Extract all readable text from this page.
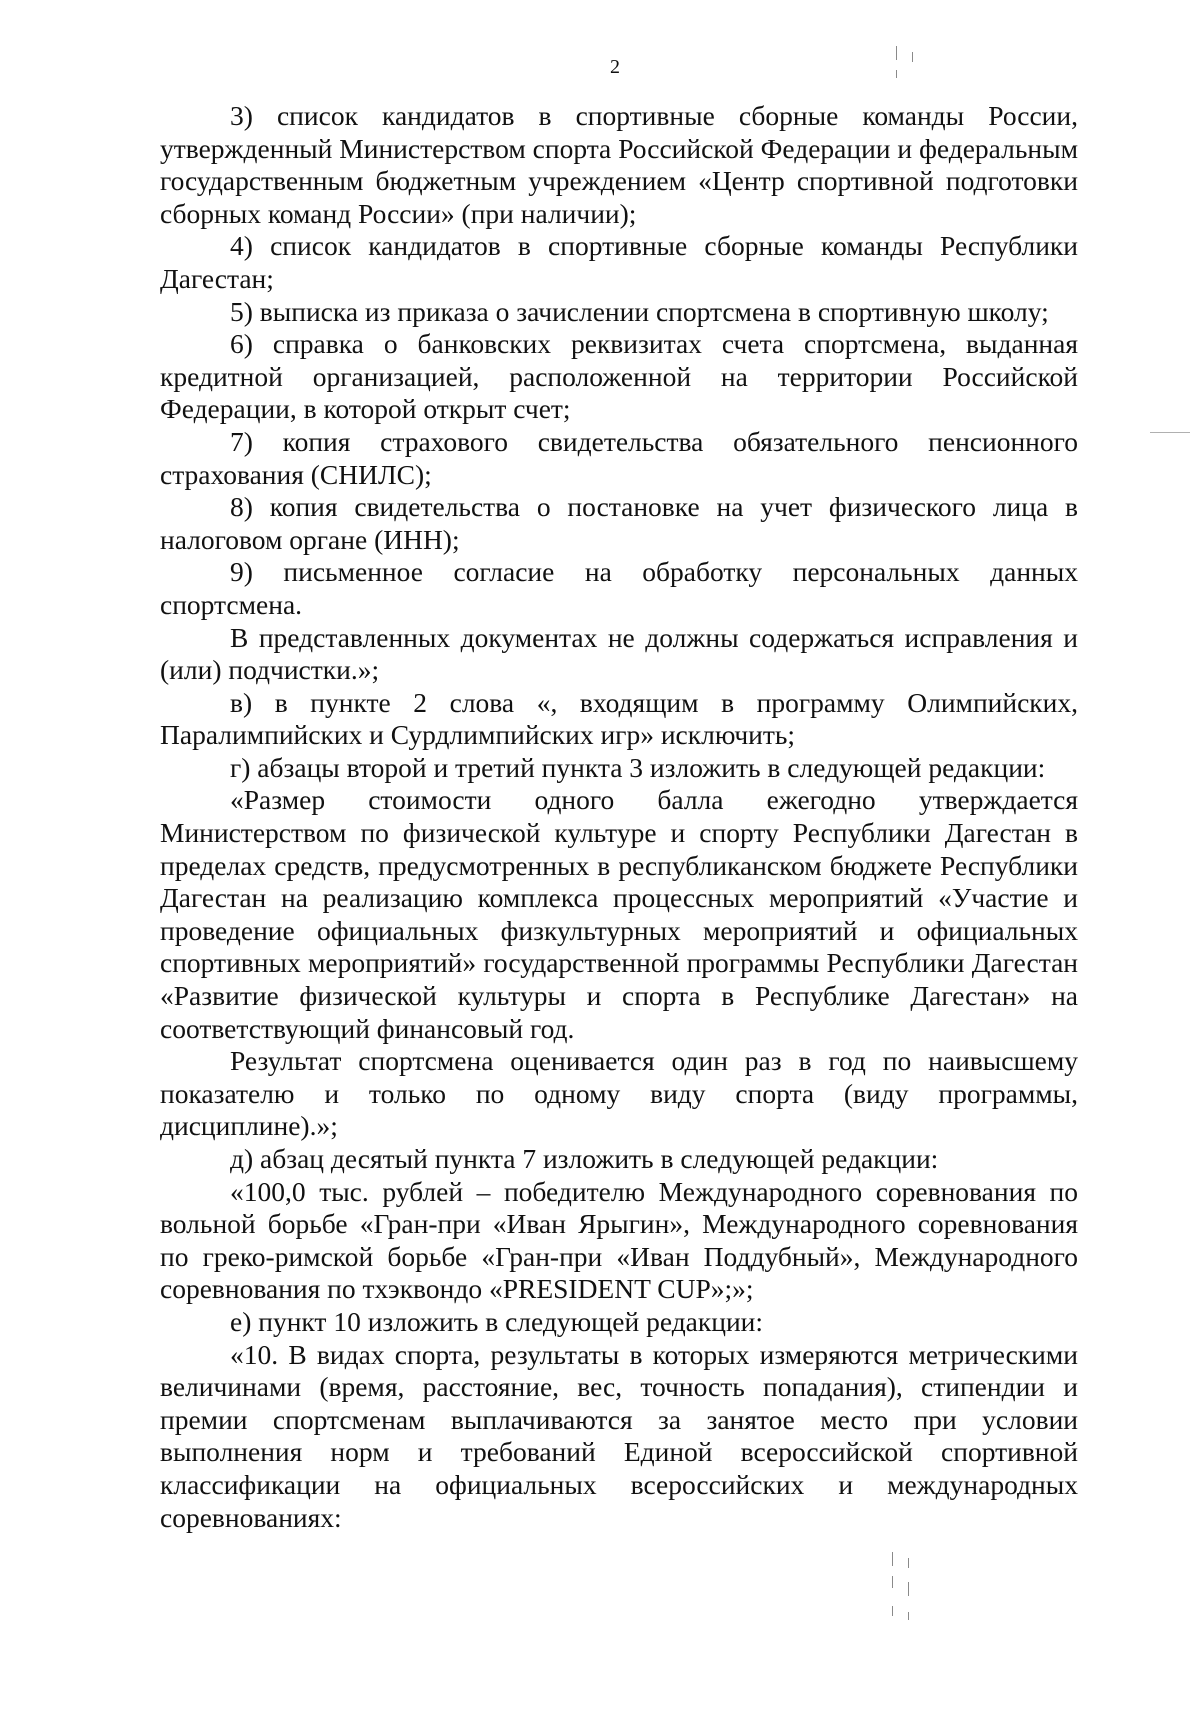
2

3) список кандидатов в спортивные сборные команды России, утвержденный Министерством спорта Российской Федерации и федеральным государственным бюджетным учреждением «Центр спортивной подготовки сборных команд России» (при наличии);

4) список кандидатов в спортивные сборные команды Республики Дагестан;

5) выписка из приказа о зачислении спортсмена в спортивную школу;

6) справка о банковских реквизитах счета спортсмена, выданная кредитной организацией, расположенной на территории Российской Федерации, в которой открыт счет;

7) копия страхового свидетельства обязательного пенсионного страхования (СНИЛС);

8) копия свидетельства о постановке на учет физического лица в налоговом органе (ИНН);

9) письменное согласие на обработку персональных данных спортсмена.

В представленных документах не должны содержаться исправления и (или) подчистки.»;

в) в пункте 2 слова «, входящим в программу Олимпийских, Паралимпийских и Сурдлимпийских игр» исключить;

г) абзацы второй и третий пункта 3 изложить в следующей редакции:

«Размер стоимости одного балла ежегодно утверждается Министерством по физической культуре и спорту Республики Дагестан в пределах средств, предусмотренных в республиканском бюджете Республики Дагестан на реализацию комплекса процессных мероприятий «Участие и проведение официальных физкультурных мероприятий и официальных спортивных мероприятий» государственной программы Республики Дагестан «Развитие физической культуры и спорта в Республике Дагестан» на соответствующий финансовый год.

Результат спортсмена оценивается один раз в год по наивысшему показателю и только по одному виду спорта (виду программы, дисциплине).»;

д) абзац десятый пункта 7 изложить в следующей редакции:

«100,0 тыс. рублей – победителю Международного соревнования по вольной борьбе «Гран-при «Иван Ярыгин», Международного соревнования по греко-римской борьбе «Гран-при «Иван Поддубный», Международного соревнования по тхэквондо «PRESIDENT CUP»;»;

е) пункт 10 изложить в следующей редакции:

«10. В видах спорта, результаты в которых измеряются метрическими величинами (время, расстояние, вес, точность попадания), стипендии и премии спортсменам выплачиваются за занятое место при условии выполнения норм и требований Единой всероссийской спортивной классификации на официальных всероссийских и международных соревнованиях:
